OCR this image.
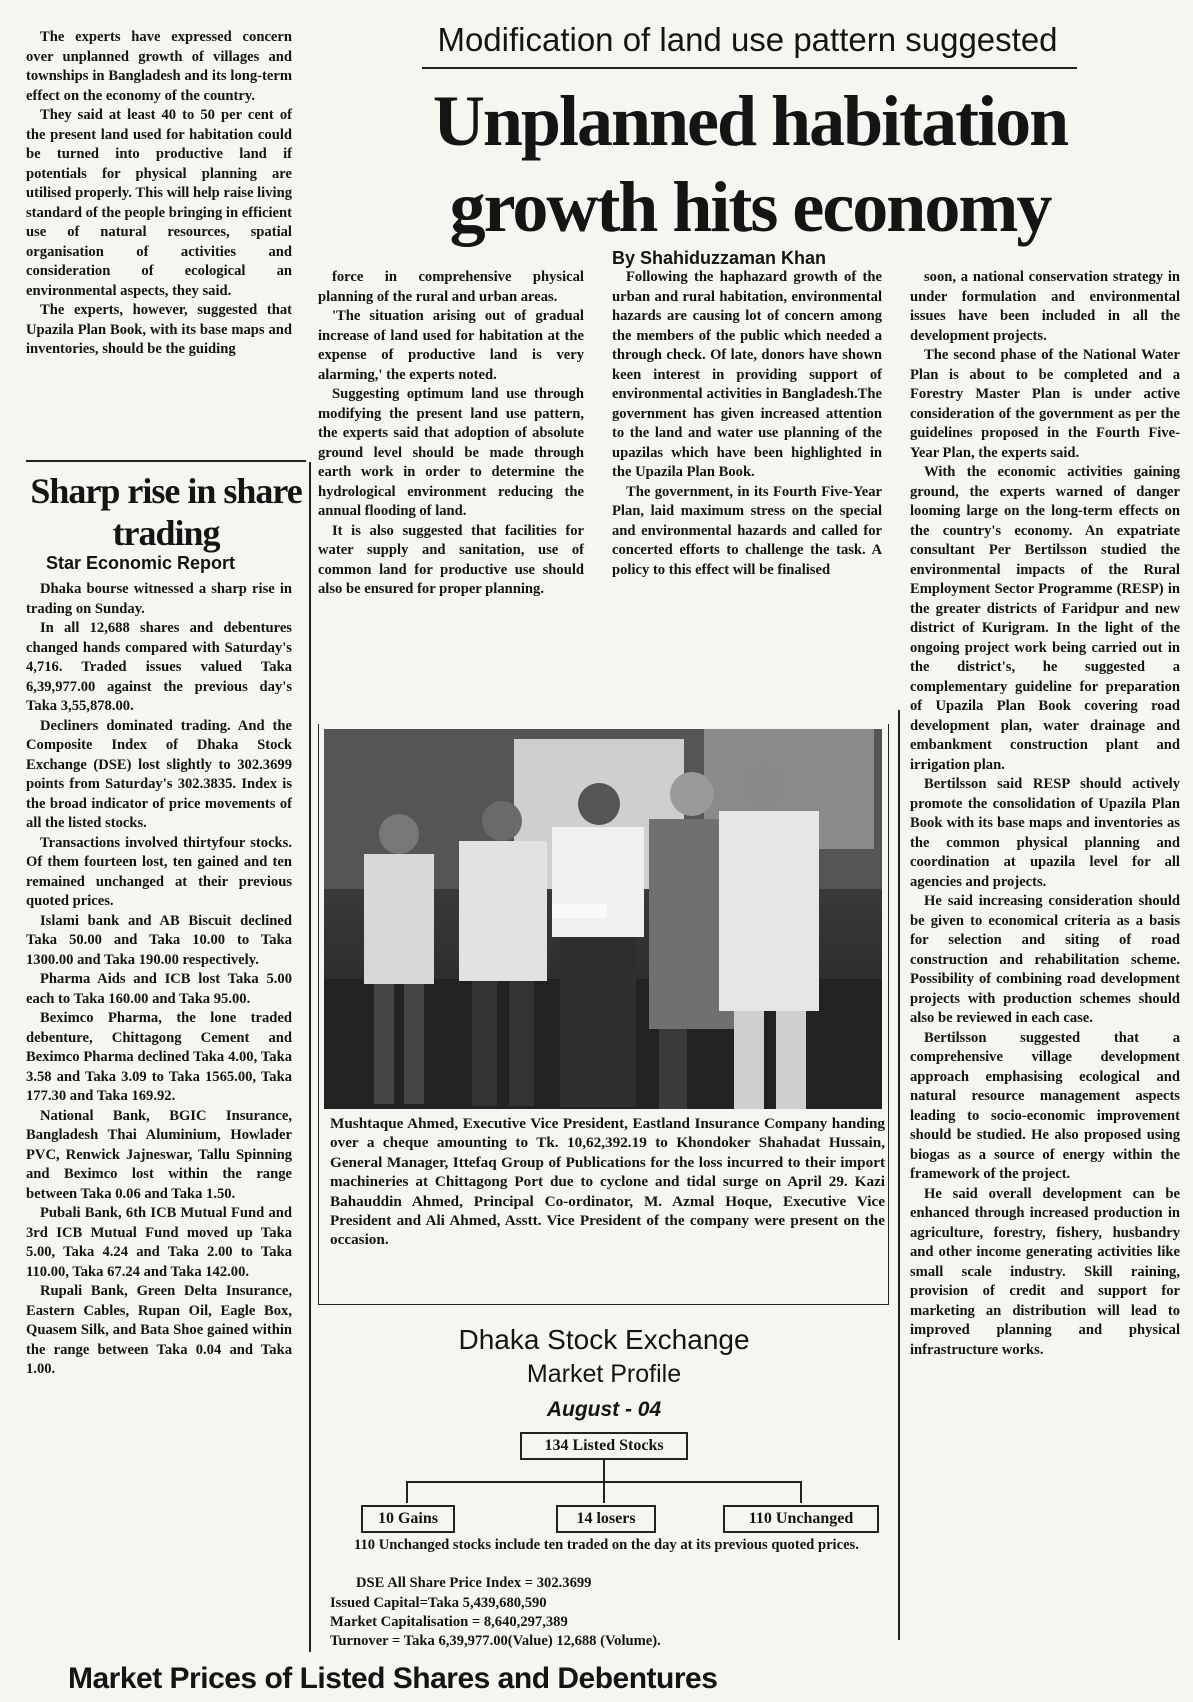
The experts have expressed concern over unplanned growth of villages and townships in Bangladesh and its long-term effect on the economy of the country.

They said at least 40 to 50 per cent of the present land used for habitation could be turned into productive land if potentials for physical planning are utilised properly. This will help raise living standard of the people bringing in efficient use of natural resources, spatial organisation of activities and consideration of ecological an environmental aspects, they said.

The experts, however, suggested that Upazila Plan Book, with its base maps and inventories, should be the guiding

Modification of land use pattern suggested
Unplanned habitation growth hits economy
By Shahiduzzaman Khan

force in comprehensive physical planning of the rural and urban areas.

'The situation arising out of gradual increase of land used for habitation at the expense of productive land is very alarming,' the experts noted.

Suggesting optimum land use through modifying the present land use pattern, the experts said that adoption of absolute ground level should be made through earth work in order to determine the hydrological environment reducing the annual flooding of land.

It is also suggested that facilities for water supply and sanitation, use of common land for productive use should also be ensured for proper planning.

Following the haphazard growth of the urban and rural habitation, environmental hazards are causing lot of concern among the members of the public which needed a through check. Of late, donors have shown keen interest in providing support of environmental activities in Bangladesh.The government has given increased attention to the land and water use planning of the upazilas which have been highlighted in the Upazila Plan Book.

The government, in its Fourth Five-Year Plan, laid maximum stress on the special and environmental hazards and called for concerted efforts to challenge the task. A policy to this effect will be finalised

soon, a national conservation strategy in under formulation and environmental issues have been included in all the development projects.

The second phase of the National Water Plan is about to be completed and a Forestry Master Plan is under active consideration of the government as per the guidelines proposed in the Fourth Five-Year Plan, the experts said.

With the economic activities gaining ground, the experts warned of danger looming large on the long-term effects on the country's economy. An expatriate consultant Per Bertilsson studied the environmental impacts of the Rural Employment Sector Programme (RESP) in the greater districts of Faridpur and new district of Kurigram. In the light of the ongoing project work being carried out in the district's, he suggested a complementary guideline for preparation of Upazila Plan Book covering road development plan, water drainage and embankment construction plant and irrigation plan.

Bertilsson said RESP should actively promote the consolidation of Upazila Plan Book with its base maps and inventories as the common physical planning and coordination at upazila level for all agencies and projects.

He said increasing consideration should be given to economical criteria as a basis for selection and siting of road construction and rehabilitation scheme. Possibility of combining road development projects with production schemes should also be reviewed in each case.

Bertilsson suggested that a comprehensive village development approach emphasising ecological and natural resource management aspects leading to socio-economic improvement should be studied. He also proposed using biogas as a source of energy within the framework of the project.

He said overall development can be enhanced through increased production in agriculture, forestry, fishery, husbandry and other income generating activities like small scale industry. Skill raining, provision of credit and support for marketing an distribution will lead to improved planning and physical infrastructure works.

Sharp rise in share trading
Star Economic Report

Dhaka bourse witnessed a sharp rise in trading on Sunday.

In all 12,688 shares and debentures changed hands compared with Saturday's 4,716. Traded issues valued Taka 6,39,977.00 against the previous day's Taka 3,55,878.00.

Decliners dominated trading. And the Composite Index of Dhaka Stock Exchange (DSE) lost slightly to 302.3699 points from Saturday's 302.3835. Index is the broad indicator of price movements of all the listed stocks.

Transactions involved thirtyfour stocks. Of them fourteen lost, ten gained and ten remained unchanged at their previous quoted prices.

Islami bank and AB Biscuit declined Taka 50.00 and Taka 10.00 to Taka 1300.00 and Taka 190.00 respectively.

Pharma Aids and ICB lost Taka 5.00 each to Taka 160.00 and Taka 95.00.

Beximco Pharma, the lone traded debenture, Chittagong Cement and Beximco Pharma declined Taka 4.00, Taka 3.58 and Taka 3.09 to Taka 1565.00, Taka 177.30 and Taka 169.92.

National Bank, BGIC Insurance, Bangladesh Thai Aluminium, Howlader PVC, Renwick Jajneswar, Tallu Spinning and Beximco lost within the range between Taka 0.06 and Taka 1.50.

Pubali Bank, 6th ICB Mutual Fund and 3rd ICB Mutual Fund moved up Taka 5.00, Taka 4.24 and Taka 2.00 to Taka 110.00, Taka 67.24 and Taka 142.00.

Rupali Bank, Green Delta Insurance, Eastern Cables, Rupan Oil, Eagle Box, Quasem Silk, and Bata Shoe gained within the range between Taka 0.04 and Taka 1.00.

Mushtaque Ahmed, Executive Vice President, Eastland Insurance Company handing over a cheque amounting to Tk. 10,62,392.19 to Khondoker Shahadat Hussain, General Manager, Ittefaq Group of Publications for the loss incurred to their import machineries at Chittagong Port due to cyclone and tidal surge on April 29. Kazi Bahauddin Ahmed, Principal Co-ordinator, M. Azmal Hoque, Executive Vice President and Ali Ahmed, Asstt. Vice President of the company were present on the occasion.
Dhaka Stock Exchange
Market Profile
August - 04
134 Listed Stocks
10 Gains	14 losers	110 Unchanged
110 Unchanged stocks include ten traded on the day at its previous quoted prices.
DSE All Share Price Index = 302.3699
Issued Capital=Taka 5,439,680,590
Market Capitalisation = 8,640,297,389
Turnover = Taka 6,39,977.00(Value) 12,688 (Volume).
Market Prices of Listed Shares and Debentures
